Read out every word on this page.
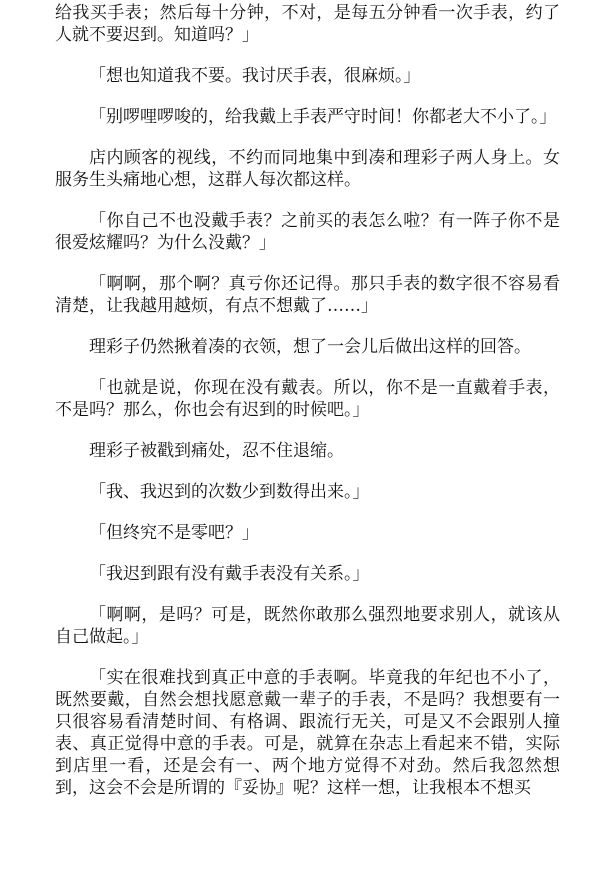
给我买手表；然后每十分钟，不对，是每五分钟看一次手表，约了人就不要迟到。知道吗？」

「想也知道我不要。我讨厌手表，很麻烦。」

「别啰哩啰唆的，给我戴上手表严守时间！你都老大不小了。」

店内顾客的视线，不约而同地集中到凑和理彩子两人身上。女服务生头痛地心想，这群人每次都这样。

「你自己不也没戴手表？之前买的表怎么啦？有一阵子你不是很爱炫耀吗？为什么没戴？」

「啊啊，那个啊？真亏你还记得。那只手表的数字很不容易看清楚，让我越用越烦，有点不想戴了……」

理彩子仍然揪着凑的衣领，想了一会儿后做出这样的回答。

「也就是说，你现在没有戴表。所以，你不是一直戴着手表，不是吗？那么，你也会有迟到的时候吧。」

理彩子被戳到痛处，忍不住退缩。

「我、我迟到的次数少到数得出来。」

「但终究不是零吧？」

「我迟到跟有没有戴手表没有关系。」

「啊啊，是吗？可是，既然你敢那么强烈地要求别人，就该从自己做起。」

「实在很难找到真正中意的手表啊。毕竟我的年纪也不小了，既然要戴，自然会想找愿意戴一辈子的手表，不是吗？我想要有一只很容易看清楚时间、有格调、跟流行无关，可是又不会跟别人撞表、真正觉得中意的手表。可是，就算在杂志上看起来不错，实际到店里一看，还是会有一、两个地方觉得不对劲。然后我忽然想到，这会不会是所谓的『妥协』呢？这样一想，让我根本不想买
